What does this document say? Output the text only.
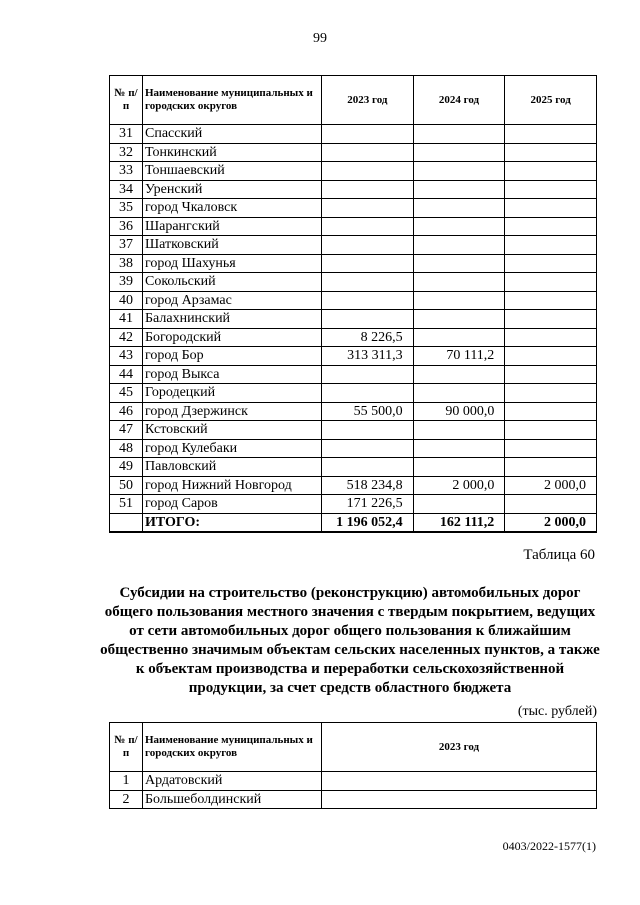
99
№ п/п	Наименование муниципальных и городских округов	2023 год	2024 год	2025 год
31	Спасский			
32	Тонкинский			
33	Тоншаевский			
34	Уренский			
35	город Чкаловск			
36	Шарангский			
37	Шатковский			
38	город Шахунья			
39	Сокольский			
40	город Арзамас			
41	Балахнинский			
42	Богородский	8 226,5		
43	город Бор	313 311,3	70 111,2	
44	город Выкса			
45	Городецкий			
46	город Дзержинск	55 500,0	90 000,0	
47	Кстовский			
48	город Кулебаки			
49	Павловский			
50	город Нижний Новгород	518 234,8	2 000,0	2 000,0
51	город Саров	171 226,5		
	ИТОГО:	1 196 052,4	162 111,2	2 000,0
Таблица 60
Субсидии на строительство (реконструкцию) автомобильных дорог общего пользования местного значения с твердым покрытием, ведущих от сети автомобильных дорог общего пользования к ближайшим общественно значимым объектам сельских населенных пунктов, а также к объектам производства и переработки сельскохозяйственной продукции, за счет средств областного бюджета
(тыс. рублей)
№ п/п	Наименование муниципальных и городских округов	2023 год
1	Ардатовский	
2	Большеболдинский	
0403/2022-1577(1)
